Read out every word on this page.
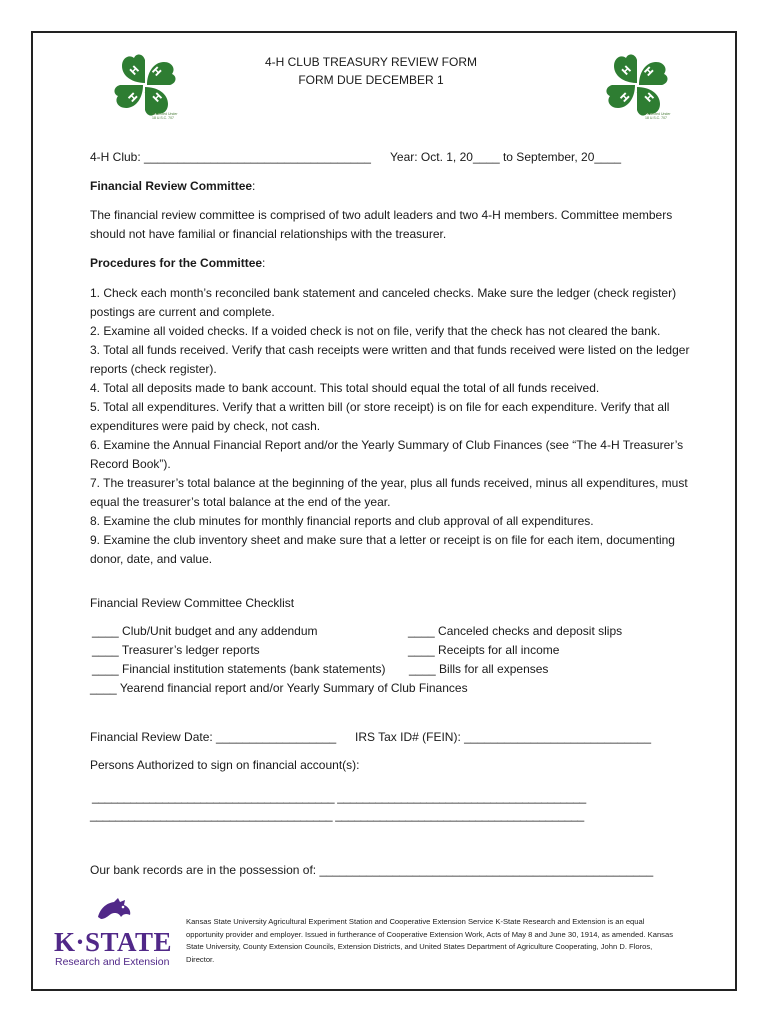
H H
H
H
H H
H
H
Protected Under 18 U.S.C. 707
Protected Under 18 U.S.C. 707
4-H CLUB TREASURY REVIEW FORM
FORM DUE DECEMBER 1
4-H Club: __________________________________ Year: Oct. 1, 20____ to September, 20____
Financial Review Committee:
The financial review committee is comprised of two adult leaders and two 4-H members. Committee members should not have familial or financial relationships with the treasurer.
Procedures for the Committee:
1. Check each month’s reconciled bank statement and canceled checks. Make sure the ledger (check register) postings are current and complete.
2. Examine all voided checks. If a voided check is not on file, verify that the check has not cleared the bank.
3. Total all funds received. Verify that cash receipts were written and that funds received were listed on the ledger reports (check register).
4. Total all deposits made to bank account. This total should equal the total of all funds received.
5. Total all expenditures. Verify that a written bill (or store receipt) is on file for each expenditure. Verify that all expenditures were paid by check, not cash.
6. Examine the Annual Financial Report and/or the Yearly Summary of Club Finances (see “The 4-H Treasurer’s Record Book”).
7. The treasurer’s total balance at the beginning of the year, plus all funds received, minus all expenditures, must equal the treasurer’s total balance at the end of the year.
8. Examine the club minutes for monthly financial reports and club approval of all expenditures.
9. Examine the club inventory sheet and make sure that a letter or receipt is on file for each item, documenting donor, date, and value.
Financial Review Committee Checklist
____ Club/Unit budget and any addendum
____ Treasurer’s ledger reports
____ Financial institution statements (bank statements)
____ Canceled checks and deposit slips
____ Receipts for all income
____ Bills for all expenses
____ Yearend financial report and/or Yearly Summary of Club Finances
Financial Review Date: __________________ IRS Tax ID# (FEIN): ____________________________
Persons Authorized to sign on financial account(s):
______________________________________ _______________________________________
______________________________________ _______________________________________
Our bank records are in the possession of: __________________________________________________
K·STATE
Research and Extension
Kansas State University Agricultural Experiment Station and Cooperative Extension Service K-State Research and Extension is an equal opportunity provider and employer. Issued in furtherance of Cooperative Extension Work, Acts of May 8 and June 30, 1914, as amended. Kansas State University, County Extension Councils, Extension Districts, and United States Department of Agriculture Cooperating, John D. Floros, Director.
